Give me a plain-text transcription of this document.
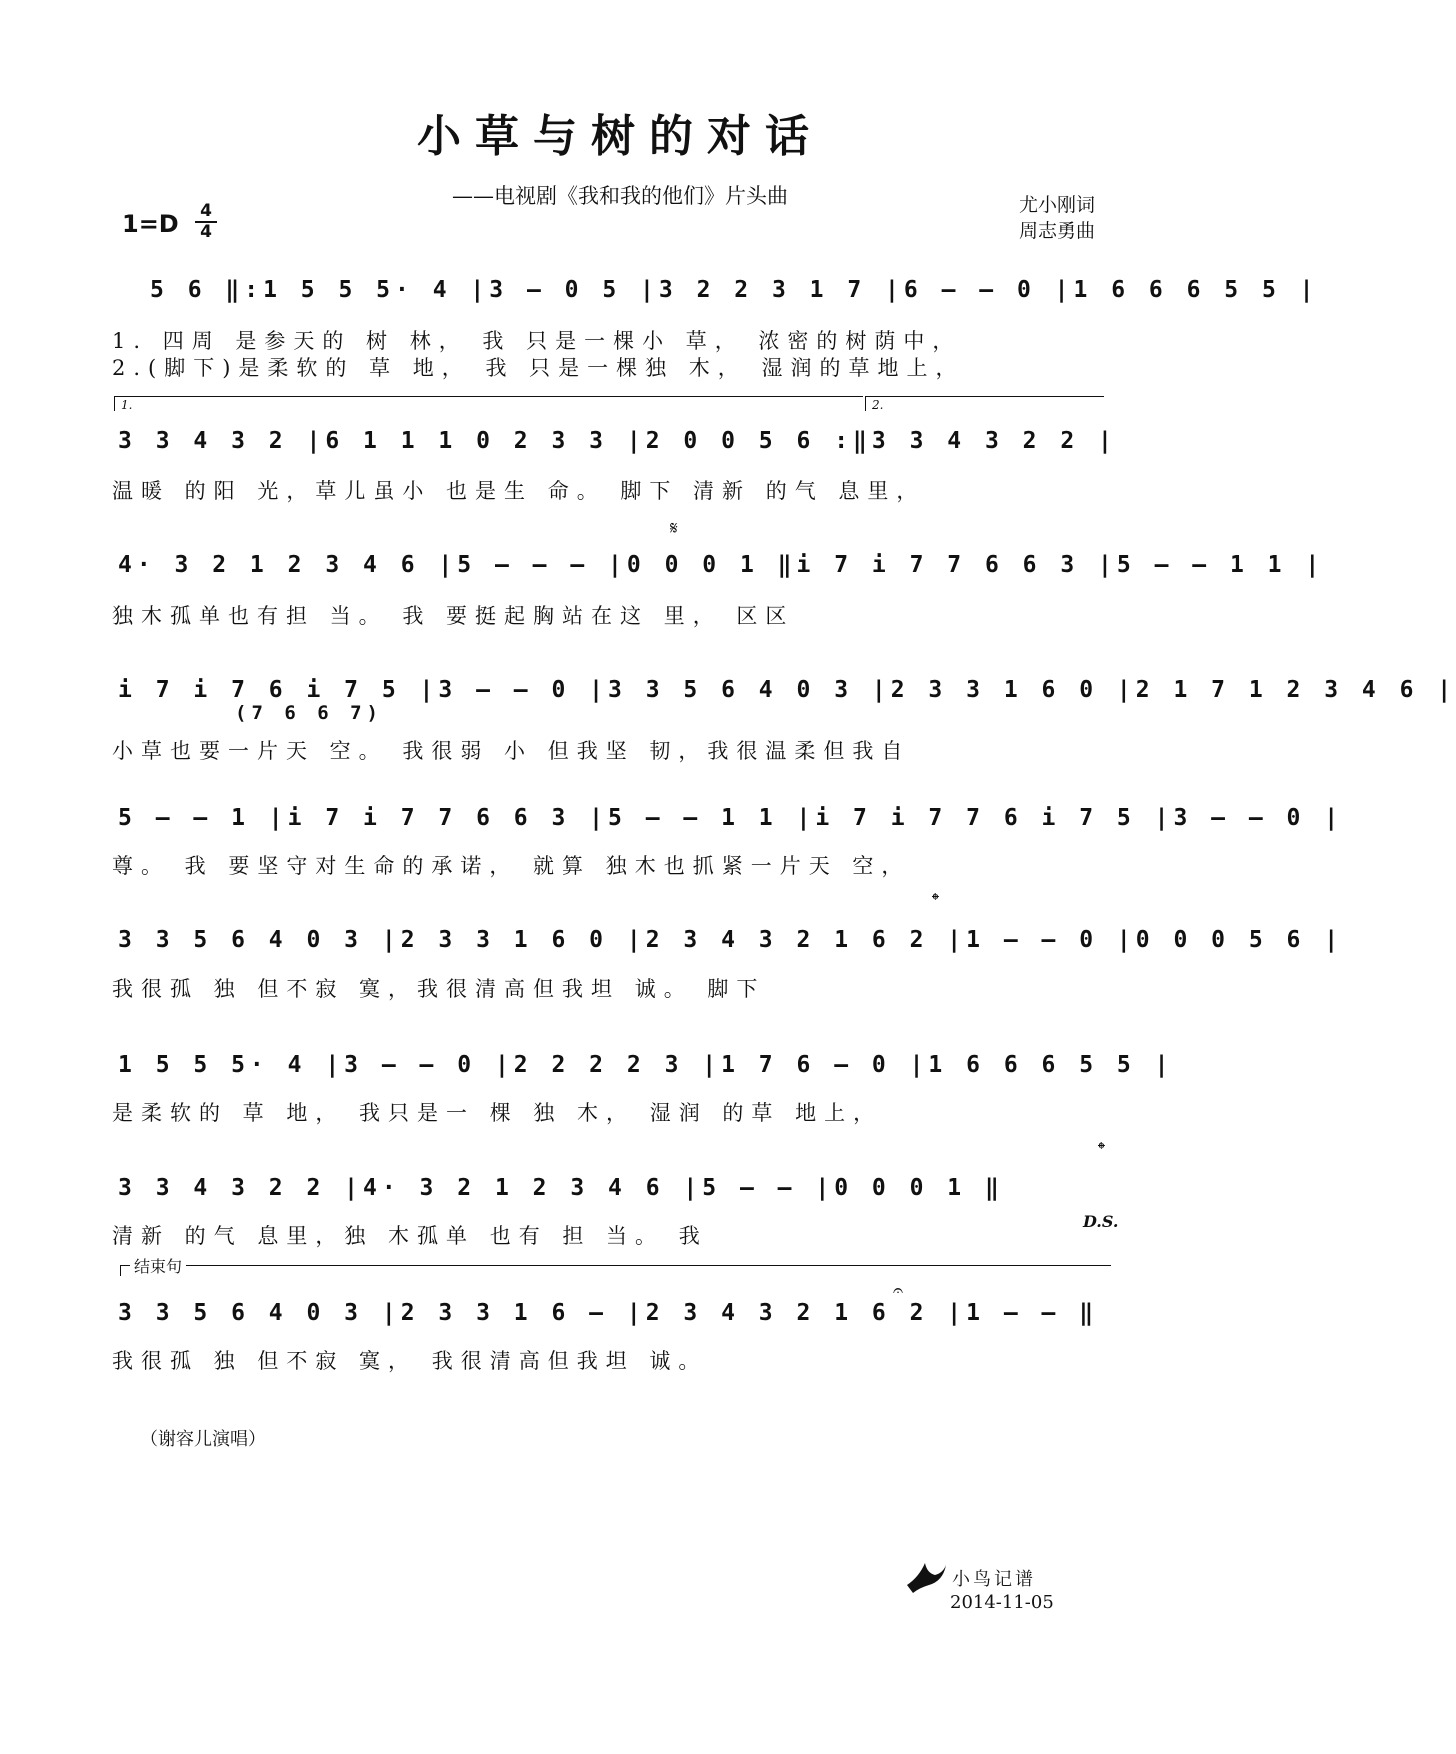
小草与树的对话
——电视剧《我和我的他们》片头曲
1=D 4
4
尤小刚词
周志勇曲
5 6 ‖:1 5 5 5· 4 |3 – 0 5 |3 2 2 3 1 7 |6 – – 0 |1 6 6 6 5 5 |
1. 四周 是参天的 树 林， 我 只是一棵小 草， 浓密的树荫中，
2.(脚下)是柔软的 草 地， 我 只是一棵独 木， 湿润的草地上，
1.	2.
3 3 4 3 2 |6 1 1 1 0 2 3 3 |2 0 0 5 6 :‖3 3 4 3 2 2 |
温暖 的阳 光，草儿虽小 也是生 命。 脚下 清新 的气 息里，
𝄋
4· 3 2 1 2 3 4 6 |5 – – – |0 0 0 1 ‖i 7 i 7 7 6 6 3 |5 – – 1 1 |
独木孤单也有担 当。 我 要挺起胸站在这 里， 区区
i 7 i 7 6 i 7 5 |3 – – 0 |3 3 5 6 4 0 3 |2 3 3 1 6 0 |2 1 7 1 2 3 4 6 |
(7 6 6 7)
小草也要一片天 空。 我很弱 小 但我坚 韧，我很温柔但我自
5 – – 1 |i 7 i 7 7 6 6 3 |5 – – 1 1 |i 7 i 7 7 6 i 7 5 |3 – – 0 |
尊。 我 要坚守对生命的承诺， 就算 独木也抓紧一片天 空，
𝄌
3 3 5 6 4 0 3 |2 3 3 1 6 0 |2 3 4 3 2 1 6 2 |1 – – 0 |0 0 0 5 6 |
我很孤 独 但不寂 寞，我很清高但我坦 诚。 脚下
1 5 5 5· 4 |3 – – 0 |2 2 2 2 3 |1 7 6 – 0 |1 6 6 6 5 5 |
是柔软的 草 地， 我只是一 棵 独 木， 湿润 的草 地上，
𝄌
3 3 4 3 2 2 |4· 3 2 1 2 3 4 6 |5 – – |0 0 0 1 ‖
清新 的气 息里，独 木孤单 也有 担 当。 我
D.S.
结束句
𝄐
3 3 5 6 4 0 3 |2 3 3 1 6 – |2 3 4 3 2 1 6 2 |1 – – ‖
我很孤 独 但不寂 寞， 我很清高但我坦 诚。
（谢容儿演唱）
小鸟记谱
2014-11-05
